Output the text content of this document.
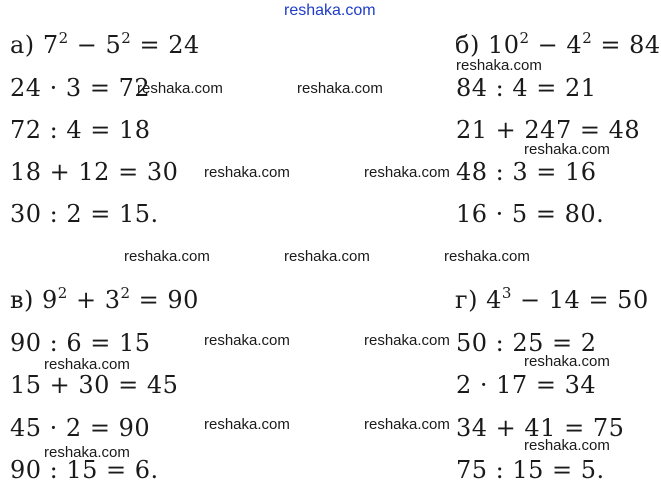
reshaka.com
reshaka.com	reshaka.com
reshaka.com
reshaka.com
reshaka.com	reshaka.com
reshaka.com	reshaka.com	reshaka.com
reshaka.com	reshaka.com
reshaka.com	reshaka.com
reshaka.com	reshaka.com
reshaka.com	reshaka.com
а) $7^2 - 5^2 = 24$
24 · 3 = 72
72 : 4 = 18
18 + 12 = 30
30 : 2 = 15.
б) $10^2 - 4^2 = 84$
84 : 4 = 21
21 + 247 = 48
48 : 3 = 16
16 · 5 = 80.
в) $9^2 + 3^2 = 90$
90 : 6 = 15
15 + 30 = 45
45 · 2 = 90
90 : 15 = 6.
г) $4^3 - 14 = 50$
50 : 25 = 2
2 · 17 = 34
34 + 41 = 75
75 : 15 = 5.
